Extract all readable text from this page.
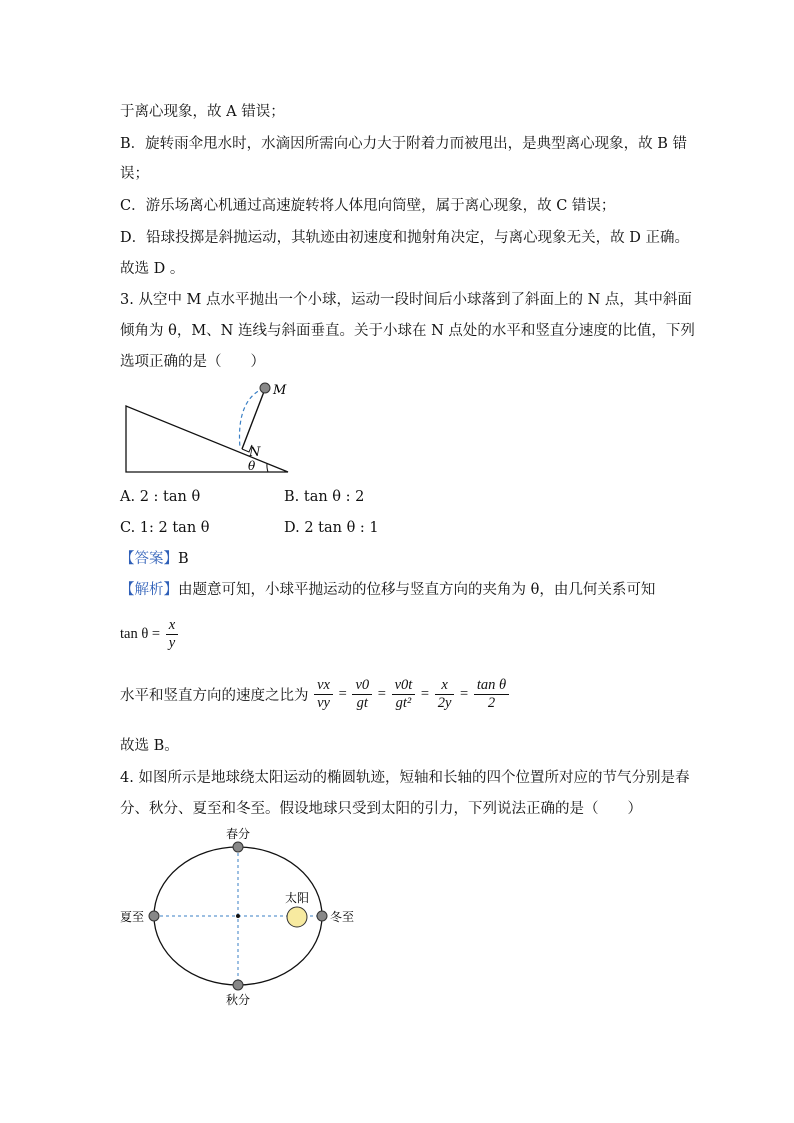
于离心现象，故 A 错误；
B．旋转雨伞甩水时，水滴因所需向心力大于附着力而被甩出，是典型离心现象，故 B 错
误；
C．游乐场离心机通过高速旋转将人体甩向筒壁，属于离心现象，故 C 错误；
D．铅球投掷是斜抛运动，其轨迹由初速度和抛射角决定，与离心现象无关，故 D 正确。
故选 D 。
3. 从空中 M 点水平抛出一个小球，运动一段时间后小球落到了斜面上的 N 点，其中斜面
倾角为 θ，M、N 连线与斜面垂直。关于小球在 N 点处的水平和竖直分速度的比值，下列
选项正确的是（　　）
M
N
θ
A. 2 : tan θ	B. tan θ : 2
C. 1: 2 tan θ	D. 2 tan θ : 1
【答案】B
【解析】由题意可知，小球平抛运动的位移与竖直方向的夹角为 θ，由几何关系可知
$\tan \theta = \frac{x}{y}$
水平和竖直方向的速度之比为 $\frac{vx}{vy} = \frac{v0}{gt} = \frac{v0t}{\text{gt²}} = \frac{x}{2y} = \frac{\text{tan θ}}{2}$
故选 B。
4. 如图所示是地球绕太阳运动的椭圆轨迹，短轴和长轴的四个位置所对应的节气分别是春
分、秋分、夏至和冬至。假设地球只受到太阳的引力，下列说法正确的是（　　）
太阳
春分
秋分
夏至	冬至
